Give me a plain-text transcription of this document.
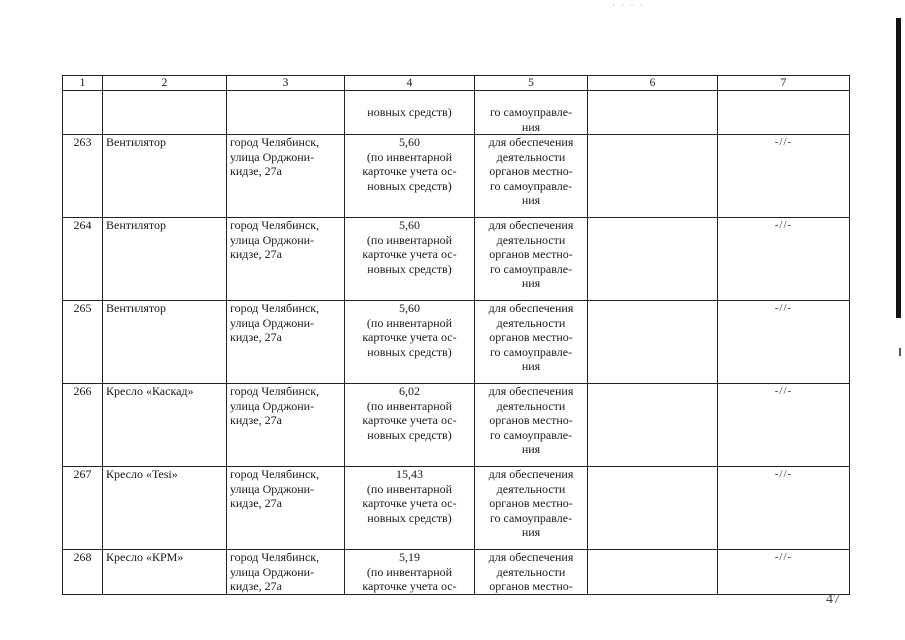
· · · ·
1	2	3	4	5	6	7

			новных средств)	го самоуправле-
ния		

263	Вентилятор	город Челябинск,
улица Орджони-
кидзе, 27а	5,60
(по инвентарной
карточке учета ос-
новных средств)	для обеспечения
деятельности
органов местно-
го самоуправле-
ния		-//-
264	Вентилятор	город Челябинск,
улица Орджони-
кидзе, 27а	5,60
(по инвентарной
карточке учета ос-
новных средств)	для обеспечения
деятельности
органов местно-
го самоуправле-
ния		-//-
265	Вентилятор	город Челябинск,
улица Орджони-
кидзе, 27а	5,60
(по инвентарной
карточке учета ос-
новных средств)	для обеспечения
деятельности
органов местно-
го самоуправле-
ния		-//-
266	Кресло «Каскад»	город Челябинск,
улица Орджони-
кидзе, 27а	6,02
(по инвентарной
карточке учета ос-
новных средств)	для обеспечения
деятельности
органов местно-
го самоуправле-
ния		-//-
267	Кресло «Tesi»	город Челябинск,
улица Орджони-
кидзе, 27а	15,43
(по инвентарной
карточке учета ос-
новных средств)	для обеспечения
деятельности
органов местно-
го самоуправле-
ния		-//-
268	Кресло «КРМ»	город Челябинск,
улица Орджони-
кидзе, 27а	5,19
(по инвентарной
карточке учета ос-	для обеспечения
деятельности
органов местно-		-//-
47
